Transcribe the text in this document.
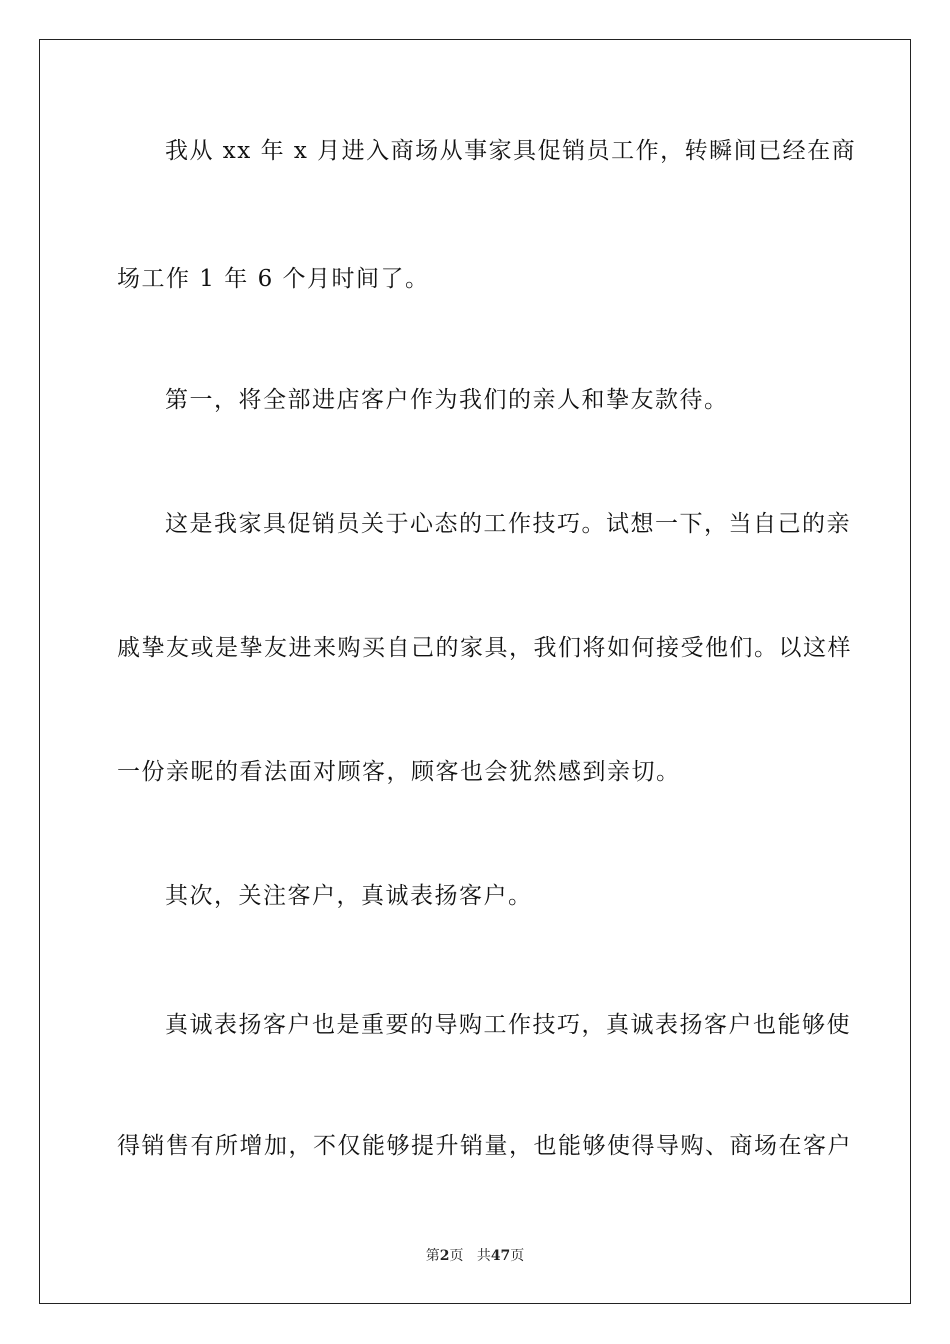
我从 xx 年 x 月进入商场从事家具促销员工作，转瞬间已经在商
场工作 1 年 6 个月时间了。
第一，将全部进店客户作为我们的亲人和挚友款待。
这是我家具促销员关于心态的工作技巧。试想一下，当自己的亲
戚挚友或是挚友进来购买自己的家具，我们将如何接受他们。以这样
一份亲昵的看法面对顾客，顾客也会犹然感到亲切。
其次，关注客户，真诚表扬客户。
真诚表扬客户也是重要的导购工作技巧，真诚表扬客户也能够使
得销售有所增加，不仅能够提升销量，也能够使得导购、商场在客户
第2页 共47页
